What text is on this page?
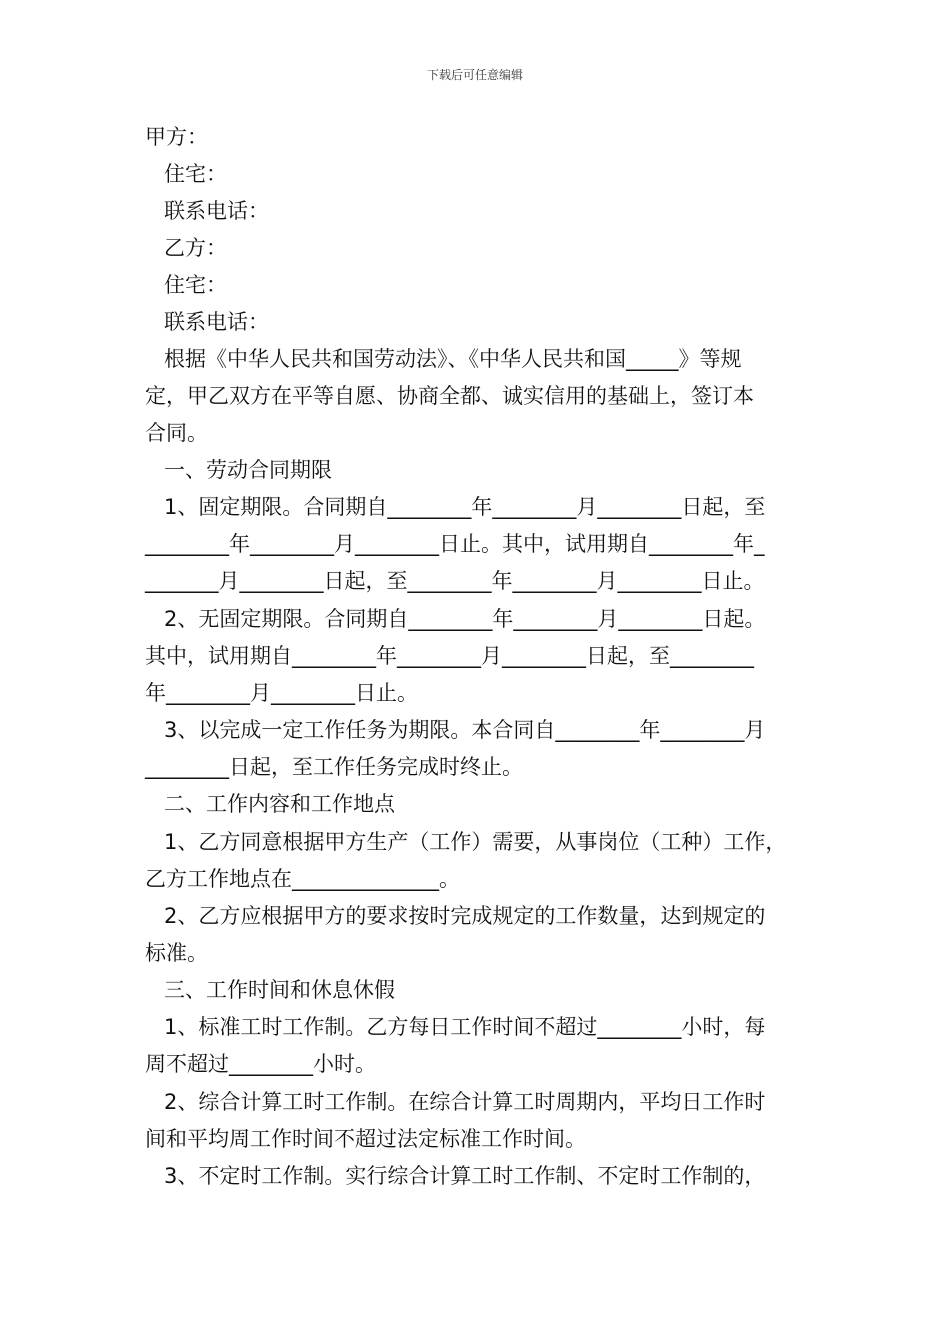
下载后可任意编辑
甲方：
住宅：
联系电话：
乙方：
住宅：
联系电话：
根据《中华人民共和国劳动法》、《中华人民共和国_____》等规
定，甲乙双方在平等自愿、协商全都、诚实信用的基础上，签订本
合同。
一、劳动合同期限
1、固定期限。合同期自________年________月________日起，至
________年________月________日止。其中，试用期自________年_
_______月________日起，至________年________月________日止。
2、无固定期限。合同期自________年________月________日起。
其中，试用期自________年________月________日起，至________
年________月________日止。
3、以完成一定工作任务为期限。本合同自________年________月
________日起，至工作任务完成时终止。
二、工作内容和工作地点
1、乙方同意根据甲方生产（工作）需要，从事岗位（工种）工作，
乙方工作地点在______________。
2、乙方应根据甲方的要求按时完成规定的工作数量，达到规定的
标准。
三、工作时间和休息休假
1、标准工时工作制。乙方每日工作时间不超过________小时，每
周不超过________小时。
2、综合计算工时工作制。在综合计算工时周期内，平均日工作时
间和平均周工作时间不超过法定标准工作时间。
3、不定时工作制。实行综合计算工时工作制、不定时工作制的，
